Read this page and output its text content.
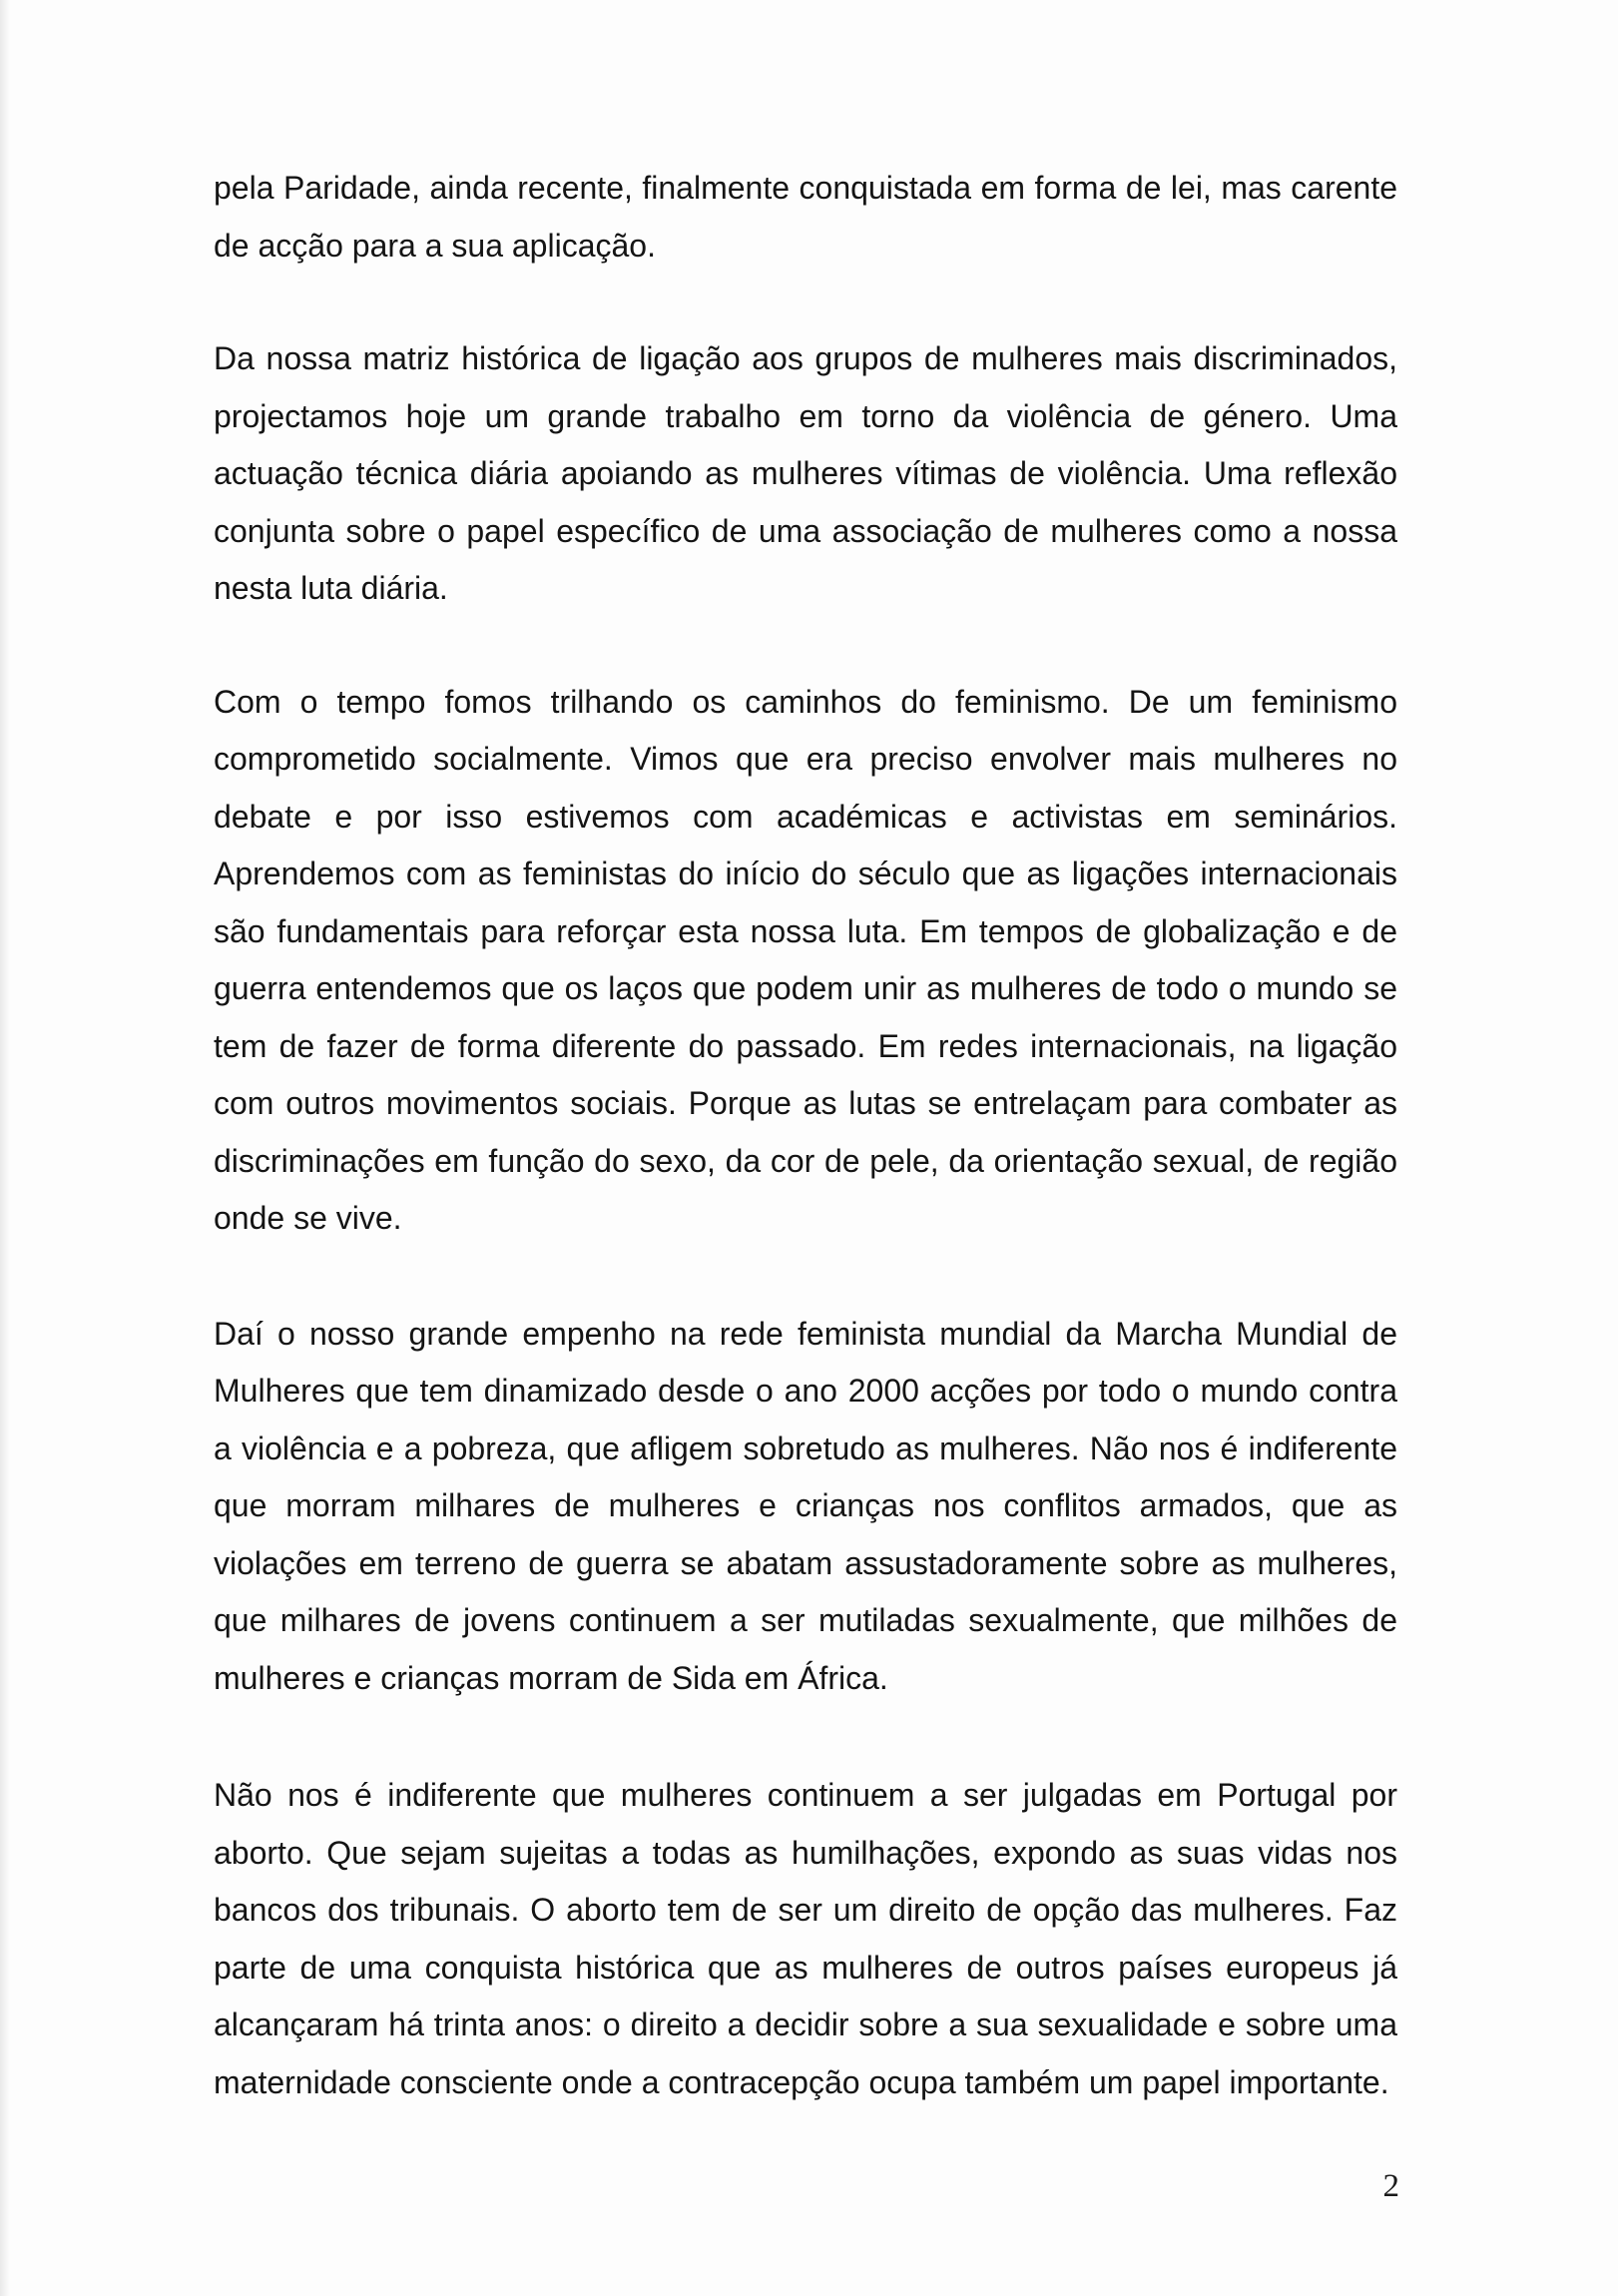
pela Paridade, ainda recente, finalmente conquistada em forma de lei, mas carente de acção para a sua aplicação.

Da nossa matriz histórica de ligação aos grupos de mulheres mais discriminados, projectamos hoje um grande trabalho em torno da violência de género. Uma actuação técnica diária apoiando as mulheres vítimas de violência. Uma reflexão conjunta sobre o papel específico de uma associação de mulheres como a nossa nesta luta diária.

Com o tempo fomos trilhando os caminhos do feminismo. De um feminismo comprometido socialmente. Vimos que era preciso envolver mais mulheres no debate e por isso estivemos com académicas e activistas em seminários. Aprendemos com as feministas do início do século que as ligações internacionais são fundamentais para reforçar esta nossa luta. Em tempos de globalização e de guerra entendemos que os laços que podem unir as mulheres de todo o mundo se tem de fazer de forma diferente do passado. Em redes internacionais, na ligação com outros movimentos sociais. Porque as lutas se entrelaçam para combater as discriminações em função do sexo, da cor de pele, da orientação sexual, de região onde se vive.

Daí o nosso grande empenho na rede feminista mundial da Marcha Mundial de Mulheres que tem dinamizado desde o ano 2000 acções por todo o mundo contra a violência e a pobreza, que afligem sobretudo as mulheres. Não nos é indiferente que morram milhares de mulheres e crianças nos conflitos armados, que as violações em terreno de guerra se abatam assustadoramente sobre as mulheres, que milhares de jovens continuem a ser mutiladas sexualmente, que milhões de mulheres e crianças morram de Sida em África.

Não nos é indiferente que mulheres continuem a ser julgadas em Portugal por aborto. Que sejam sujeitas a todas as humilhações, expondo as suas vidas nos bancos dos tribunais. O aborto tem de ser um direito de opção das mulheres. Faz parte de uma conquista histórica que as mulheres de outros países europeus já alcançaram há trinta anos: o direito a decidir sobre a sua sexualidade e sobre uma maternidade consciente onde a contracepção ocupa também um papel importante.

2
